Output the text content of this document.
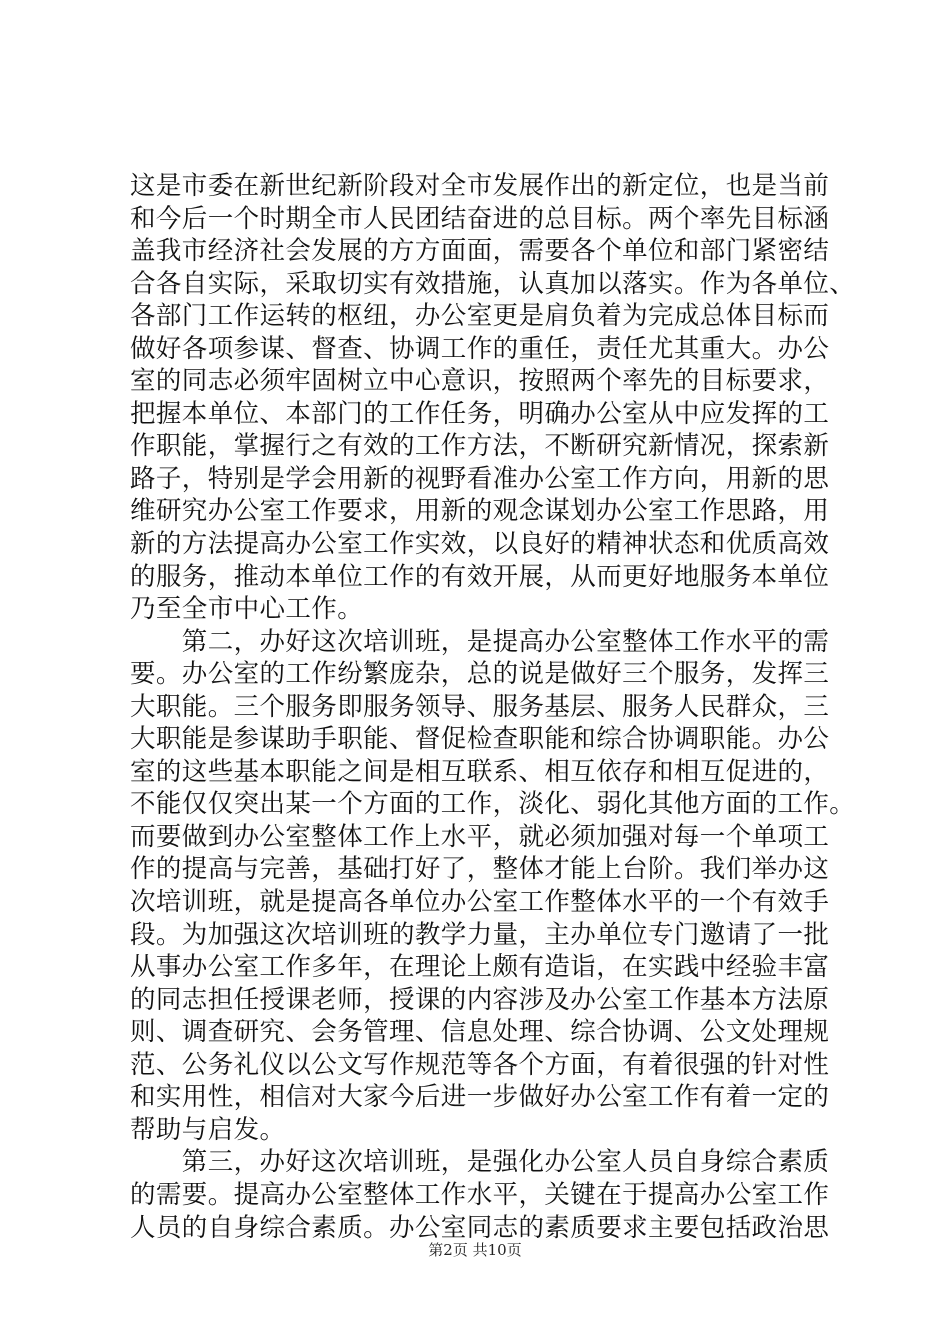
这是市委在新世纪新阶段对全市发展作出的新定位，也是当前
和今后一个时期全市人民团结奋进的总目标。两个率先目标涵
盖我市经济社会发展的方方面面，需要各个单位和部门紧密结
合各自实际，采取切实有效措施，认真加以落实。作为各单位、
各部门工作运转的枢纽，办公室更是肩负着为完成总体目标而
做好各项参谋、督查、协调工作的重任，责任尤其重大。办公
室的同志必须牢固树立中心意识，按照两个率先的目标要求，
把握本单位、本部门的工作任务，明确办公室从中应发挥的工
作职能，掌握行之有效的工作方法，不断研究新情况，探索新
路子，特别是学会用新的视野看准办公室工作方向，用新的思
维研究办公室工作要求，用新的观念谋划办公室工作思路，用
新的方法提高办公室工作实效，以良好的精神状态和优质高效
的服务，推动本单位工作的有效开展，从而更好地服务本单位
乃至全市中心工作。
　　第二，办好这次培训班，是提高办公室整体工作水平的需
要。办公室的工作纷繁庞杂，总的说是做好三个服务，发挥三
大职能。三个服务即服务领导、服务基层、服务人民群众，三
大职能是参谋助手职能、督促检查职能和综合协调职能。办公
室的这些基本职能之间是相互联系、相互依存和相互促进的，
不能仅仅突出某一个方面的工作，淡化、弱化其他方面的工作。
而要做到办公室整体工作上水平，就必须加强对每一个单项工
作的提高与完善，基础打好了，整体才能上台阶。我们举办这
次培训班，就是提高各单位办公室工作整体水平的一个有效手
段。为加强这次培训班的教学力量，主办单位专门邀请了一批
从事办公室工作多年，在理论上颇有造诣，在实践中经验丰富
的同志担任授课老师，授课的内容涉及办公室工作基本方法原
则、调查研究、会务管理、信息处理、综合协调、公文处理规
范、公务礼仪以公文写作规范等各个方面，有着很强的针对性
和实用性，相信对大家今后进一步做好办公室工作有着一定的
帮助与启发。
　　第三，办好这次培训班，是强化办公室人员自身综合素质
的需要。提高办公室整体工作水平，关键在于提高办公室工作
人员的自身综合素质。办公室同志的素质要求主要包括政治思
第2页 共10页
